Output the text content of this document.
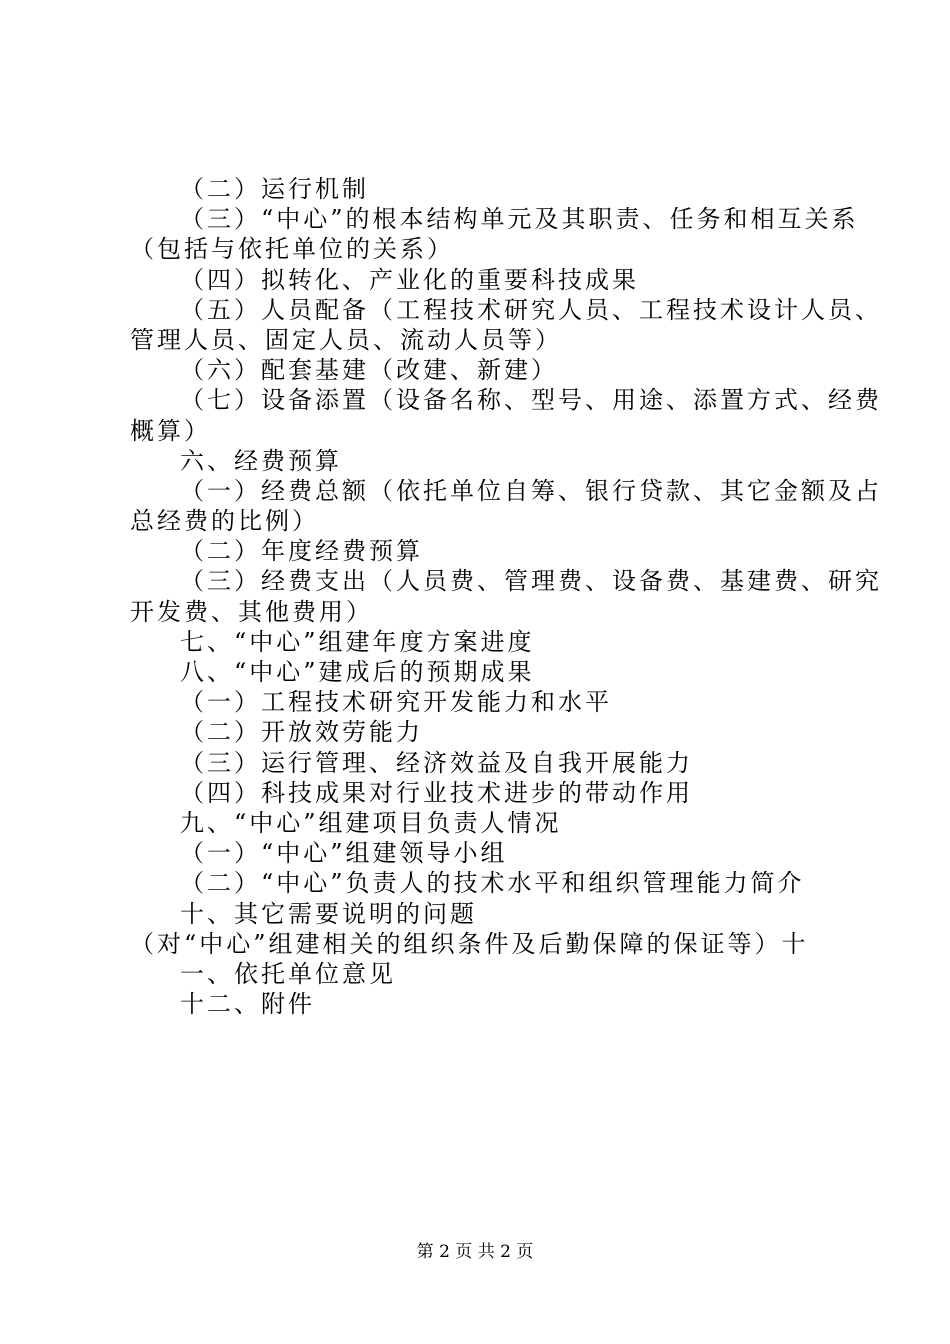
（二）运行机制
（三）“中心”的根本结构单元及其职责、任务和相互关系
（包括与依托单位的关系）
（四）拟转化、产业化的重要科技成果
（五）人员配备（工程技术研究人员、工程技术设计人员、
管理人员、固定人员、流动人员等）
（六）配套基建（改建、新建）
（七）设备添置（设备名称、型号、用途、添置方式、经费
概算）
六、经费预算
（一）经费总额（依托单位自筹、银行贷款、其它金额及占
总经费的比例）
（二）年度经费预算
（三）经费支出（人员费、管理费、设备费、基建费、研究
开发费、其他费用）
七、“中心”组建年度方案进度
八、“中心”建成后的预期成果
（一）工程技术研究开发能力和水平
（二）开放效劳能力
（三）运行管理、经济效益及自我开展能力
（四）科技成果对行业技术进步的带动作用
九、“中心”组建项目负责人情况
（一）“中心”组建领导小组
（二）“中心”负责人的技术水平和组织管理能力简介
十、其它需要说明的问题
（对“中心”组建相关的组织条件及后勤保障的保证等）十
一、依托单位意见
十二、附件
第 2 页 共 2 页
